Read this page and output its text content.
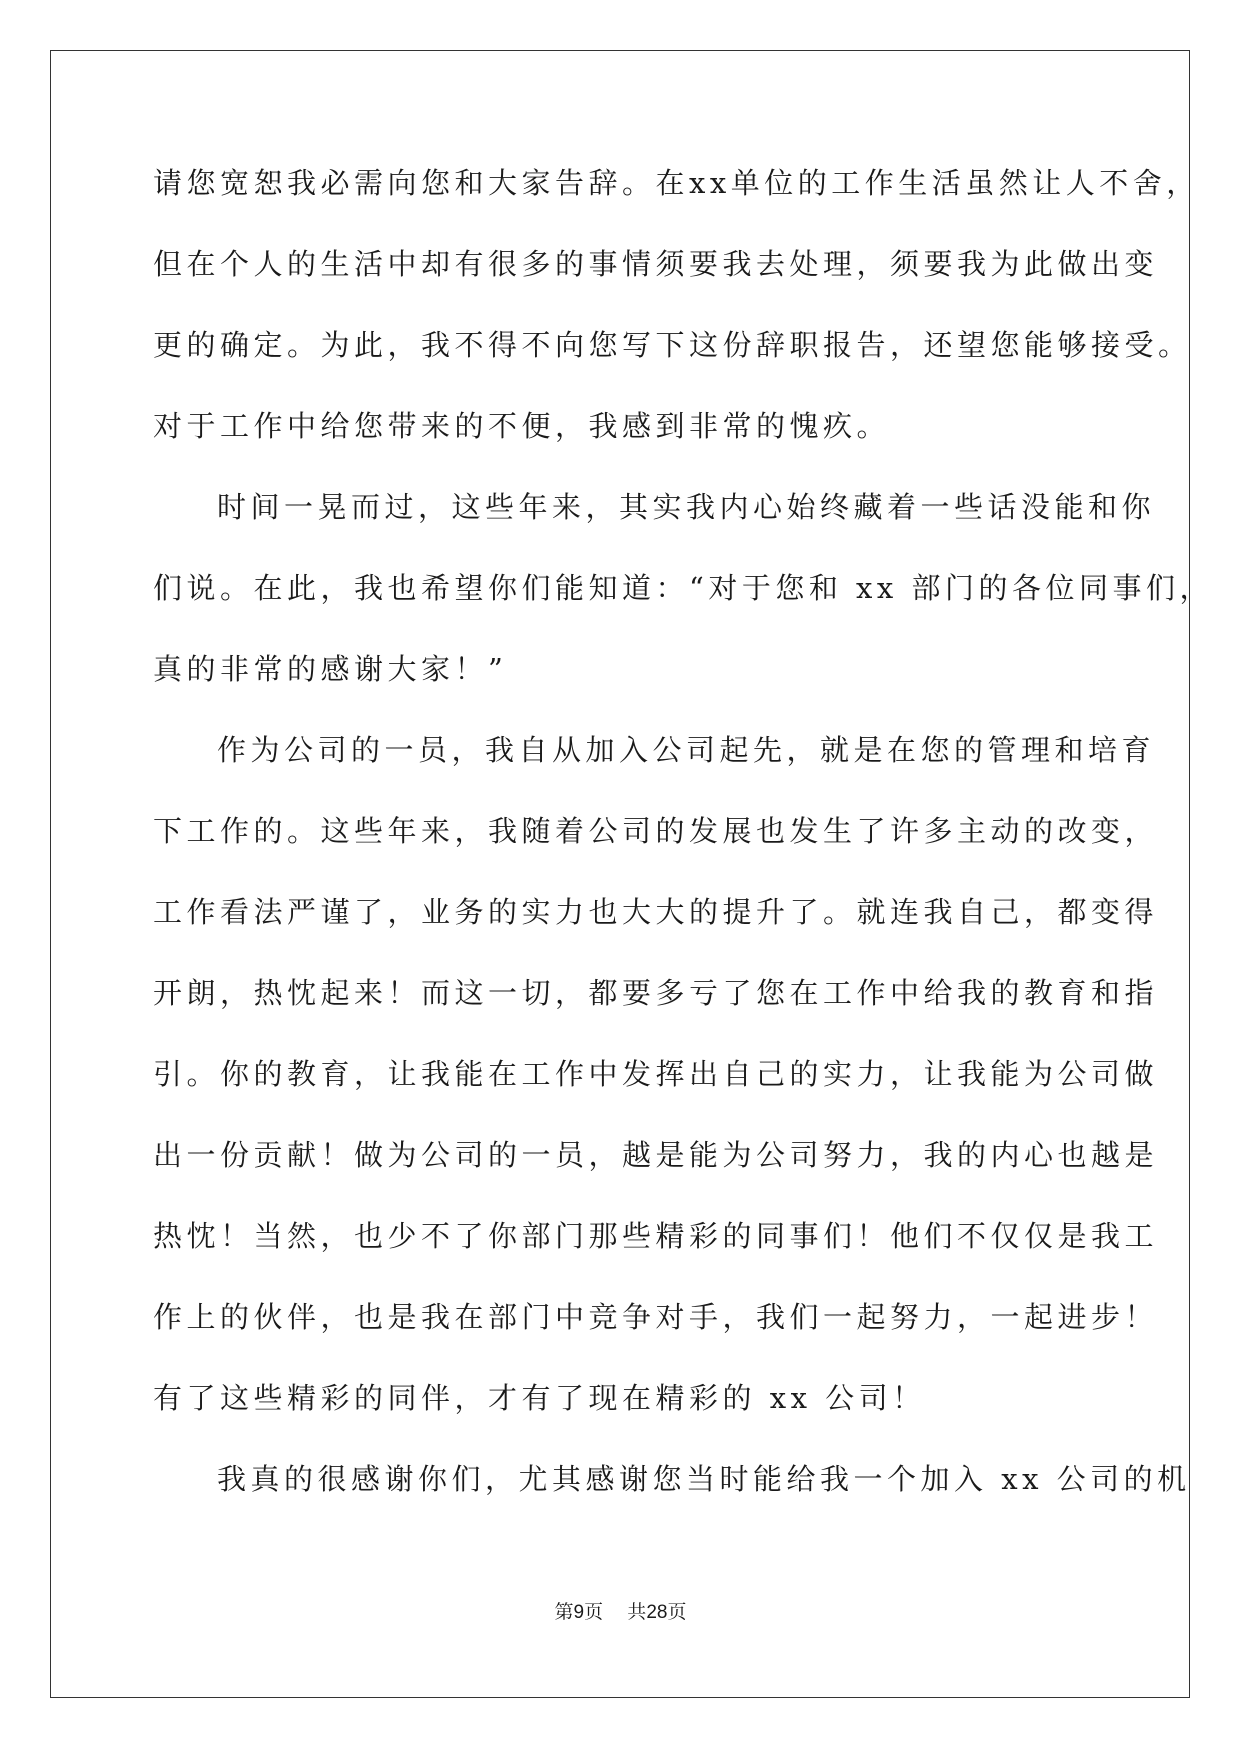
请您宽恕我必需向您和大家告辞。在xx单位的工作生活虽然让人不舍，
但在个人的生活中却有很多的事情须要我去处理，须要我为此做出变
更的确定。为此，我不得不向您写下这份辞职报告，还望您能够接受。
对于工作中给您带来的不便，我感到非常的愧疚。
时间一晃而过，这些年来，其实我内心始终藏着一些话没能和你
们说。在此，我也希望你们能知道：“对于您和 xx 部门的各位同事们，
真的非常的感谢大家！”
作为公司的一员，我自从加入公司起先，就是在您的管理和培育
下工作的。这些年来，我随着公司的发展也发生了许多主动的改变，
工作看法严谨了，业务的实力也大大的提升了。就连我自己，都变得
开朗，热忱起来！而这一切，都要多亏了您在工作中给我的教育和指
引。你的教育，让我能在工作中发挥出自己的实力，让我能为公司做
出一份贡献！做为公司的一员，越是能为公司努力，我的内心也越是
热忱！当然，也少不了你部门那些精彩的同事们！他们不仅仅是我工
作上的伙伴，也是我在部门中竞争对手，我们一起努力，一起进步！
有了这些精彩的同伴，才有了现在精彩的 xx 公司！
我真的很感谢你们，尤其感谢您当时能给我一个加入 xx 公司的机
第9页 共28页
